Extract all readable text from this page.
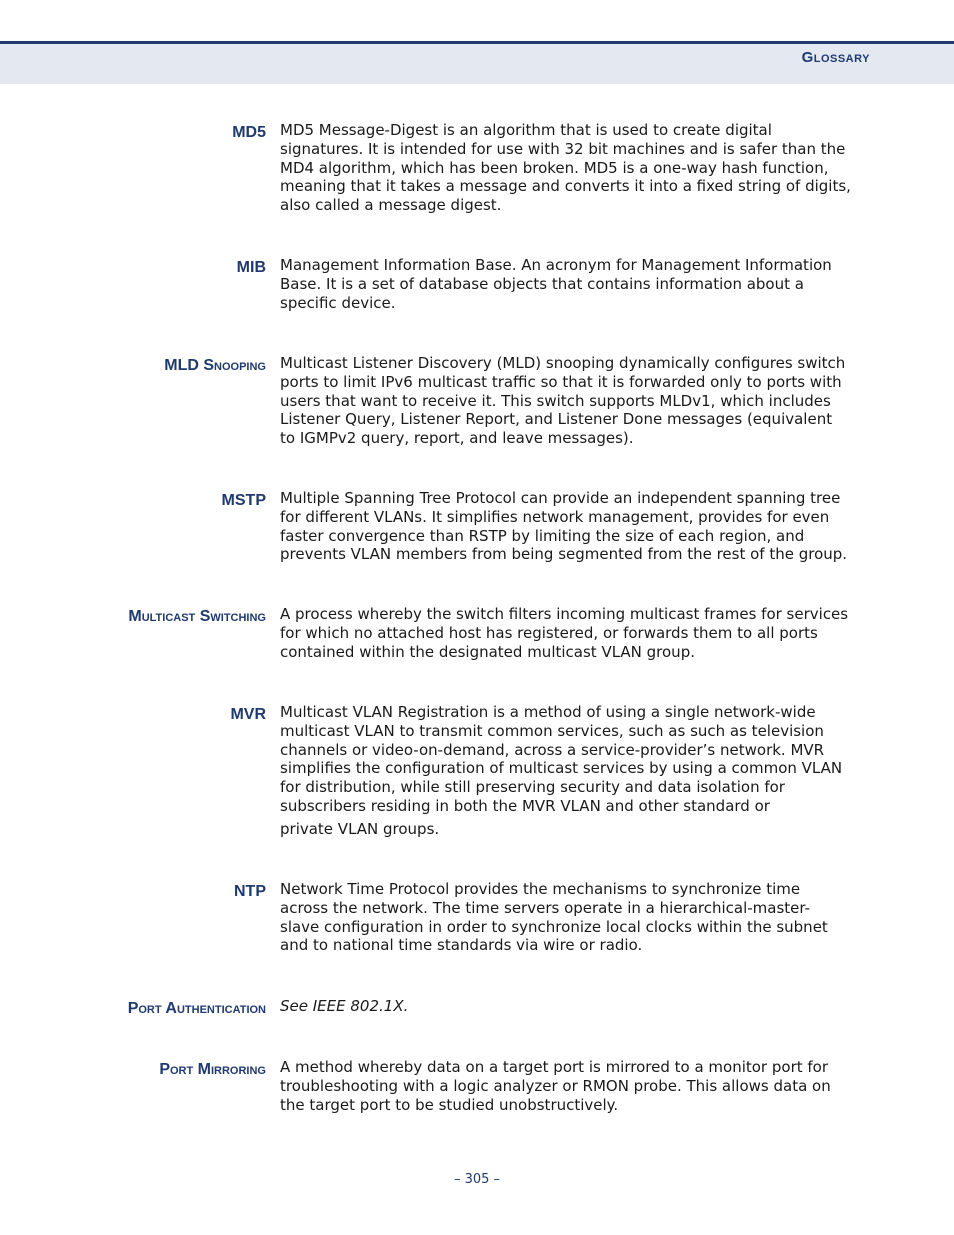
Glossary
MD5 MD5 Message-Digest is an algorithm that is used to create digital
signatures. It is intended for use with 32 bit machines and is safer than the
MD4 algorithm, which has been broken. MD5 is a one-way hash function,
meaning that it takes a message and converts it into a fixed string of digits,
also called a message digest.
MIB Management Information Base. An acronym for Management Information
Base. It is a set of database objects that contains information about a
specific device.
MLD Snooping Multicast Listener Discovery (MLD) snooping dynamically configures switch
ports to limit IPv6 multicast traffic so that it is forwarded only to ports with
users that want to receive it. This switch supports MLDv1, which includes
Listener Query, Listener Report, and Listener Done messages (equivalent
to IGMPv2 query, report, and leave messages).
MSTP Multiple Spanning Tree Protocol can provide an independent spanning tree
for different VLANs. It simplifies network management, provides for even
faster convergence than RSTP by limiting the size of each region, and
prevents VLAN members from being segmented from the rest of the group.
Multicast Switching A process whereby the switch filters incoming multicast frames for services
for which no attached host has registered, or forwards them to all ports
contained within the designated multicast VLAN group.
MVR Multicast VLAN Registration is a method of using a single network-wide
multicast VLAN to transmit common services, such as such as television
channels or video-on-demand, across a service-provider’s network. MVR
simplifies the configuration of multicast services by using a common VLAN
for distribution, while still preserving security and data isolation for
subscribers residing in both the MVR VLAN and other standard or
private VLAN groups.
NTP Network Time Protocol provides the mechanisms to synchronize time
across the network. The time servers operate in a hierarchical-master-
slave configuration in order to synchronize local clocks within the subnet
and to national time standards via wire or radio.
Port Authentication See IEEE 802.1X.
Port Mirroring A method whereby data on a target port is mirrored to a monitor port for
troubleshooting with a logic analyzer or RMON probe. This allows data on
the target port to be studied unobstructively.
– 305 –
